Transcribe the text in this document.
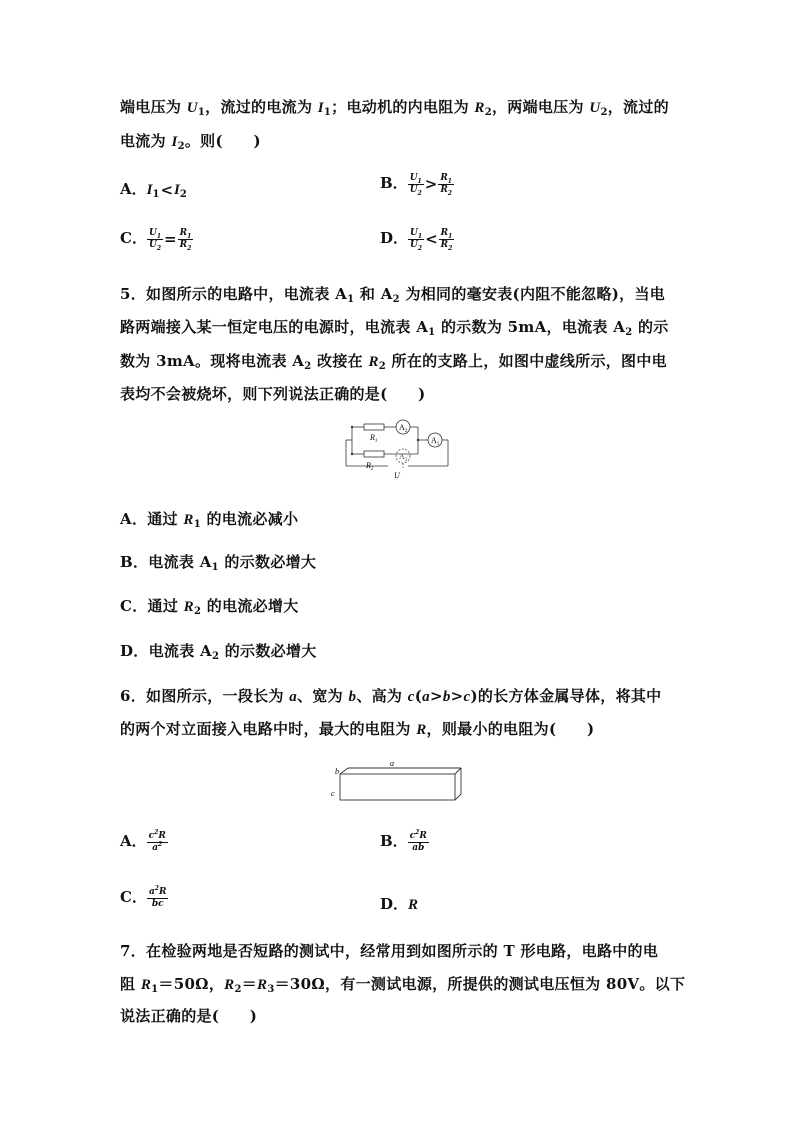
端电压为 $U_1$，流过的电流为 $I_1$；电动机的内电阻为 $R_2$，两端电压为 $U_2$，流过的
电流为 $I_2$。则(　　)
A．$I_1<I_2$
B． $\frac{U_1}{U_2} > \frac{R_1}{R_2}$
C． $\frac{U_1}{U_2} = \frac{R_1}{R_2}$	D． $\frac{U_1}{U_2} < \frac{R_1}{R_2}$
5．如图所示的电路中，电流表 $A_1$ 和 $A_2$ 为相同的毫安表(内阻不能忽略)，当电
路两端接入某一恒定电压的电源时，电流表 $A_1$ 的示数为 5mA，电流表 $A_2$ 的示
数为 3mA。现将电流表 $A_2$ 改接在 $R_2$ 所在的支路上，如图中虚线所示，图中电
表均不会被烧坏，则下列说法正确的是(　　)
$R_1$
$R_2$
$A_2$
$A_1$
$A_2$
U
A．通过 $R_1$ 的电流必减小
B．电流表 $A_1$ 的示数必增大
C．通过 $R_2$ 的电流必增大
D．电流表 $A_2$ 的示数必增大
6．如图所示，一段长为 a、宽为 b、高为 c(a>b>c)的长方体金属导体，将其中
的两个对立面接入电路中时，最大的电阻为 R，则最小的电阻为(　　)
a
b
c
A． $\frac{c^2R}{a^2}$	B． $\frac{c^2R}{ab}$
C． $\frac{a^2R}{bc}$	D．R
7．在检验两地是否短路的测试中，经常用到如图所示的 T 形电路，电路中的电
阻 $R_1=50\Omega$，$R_2=R_3=30\Omega$，有一测试电源，所提供的测试电压恒为 80V。以下
说法正确的是(　　)
